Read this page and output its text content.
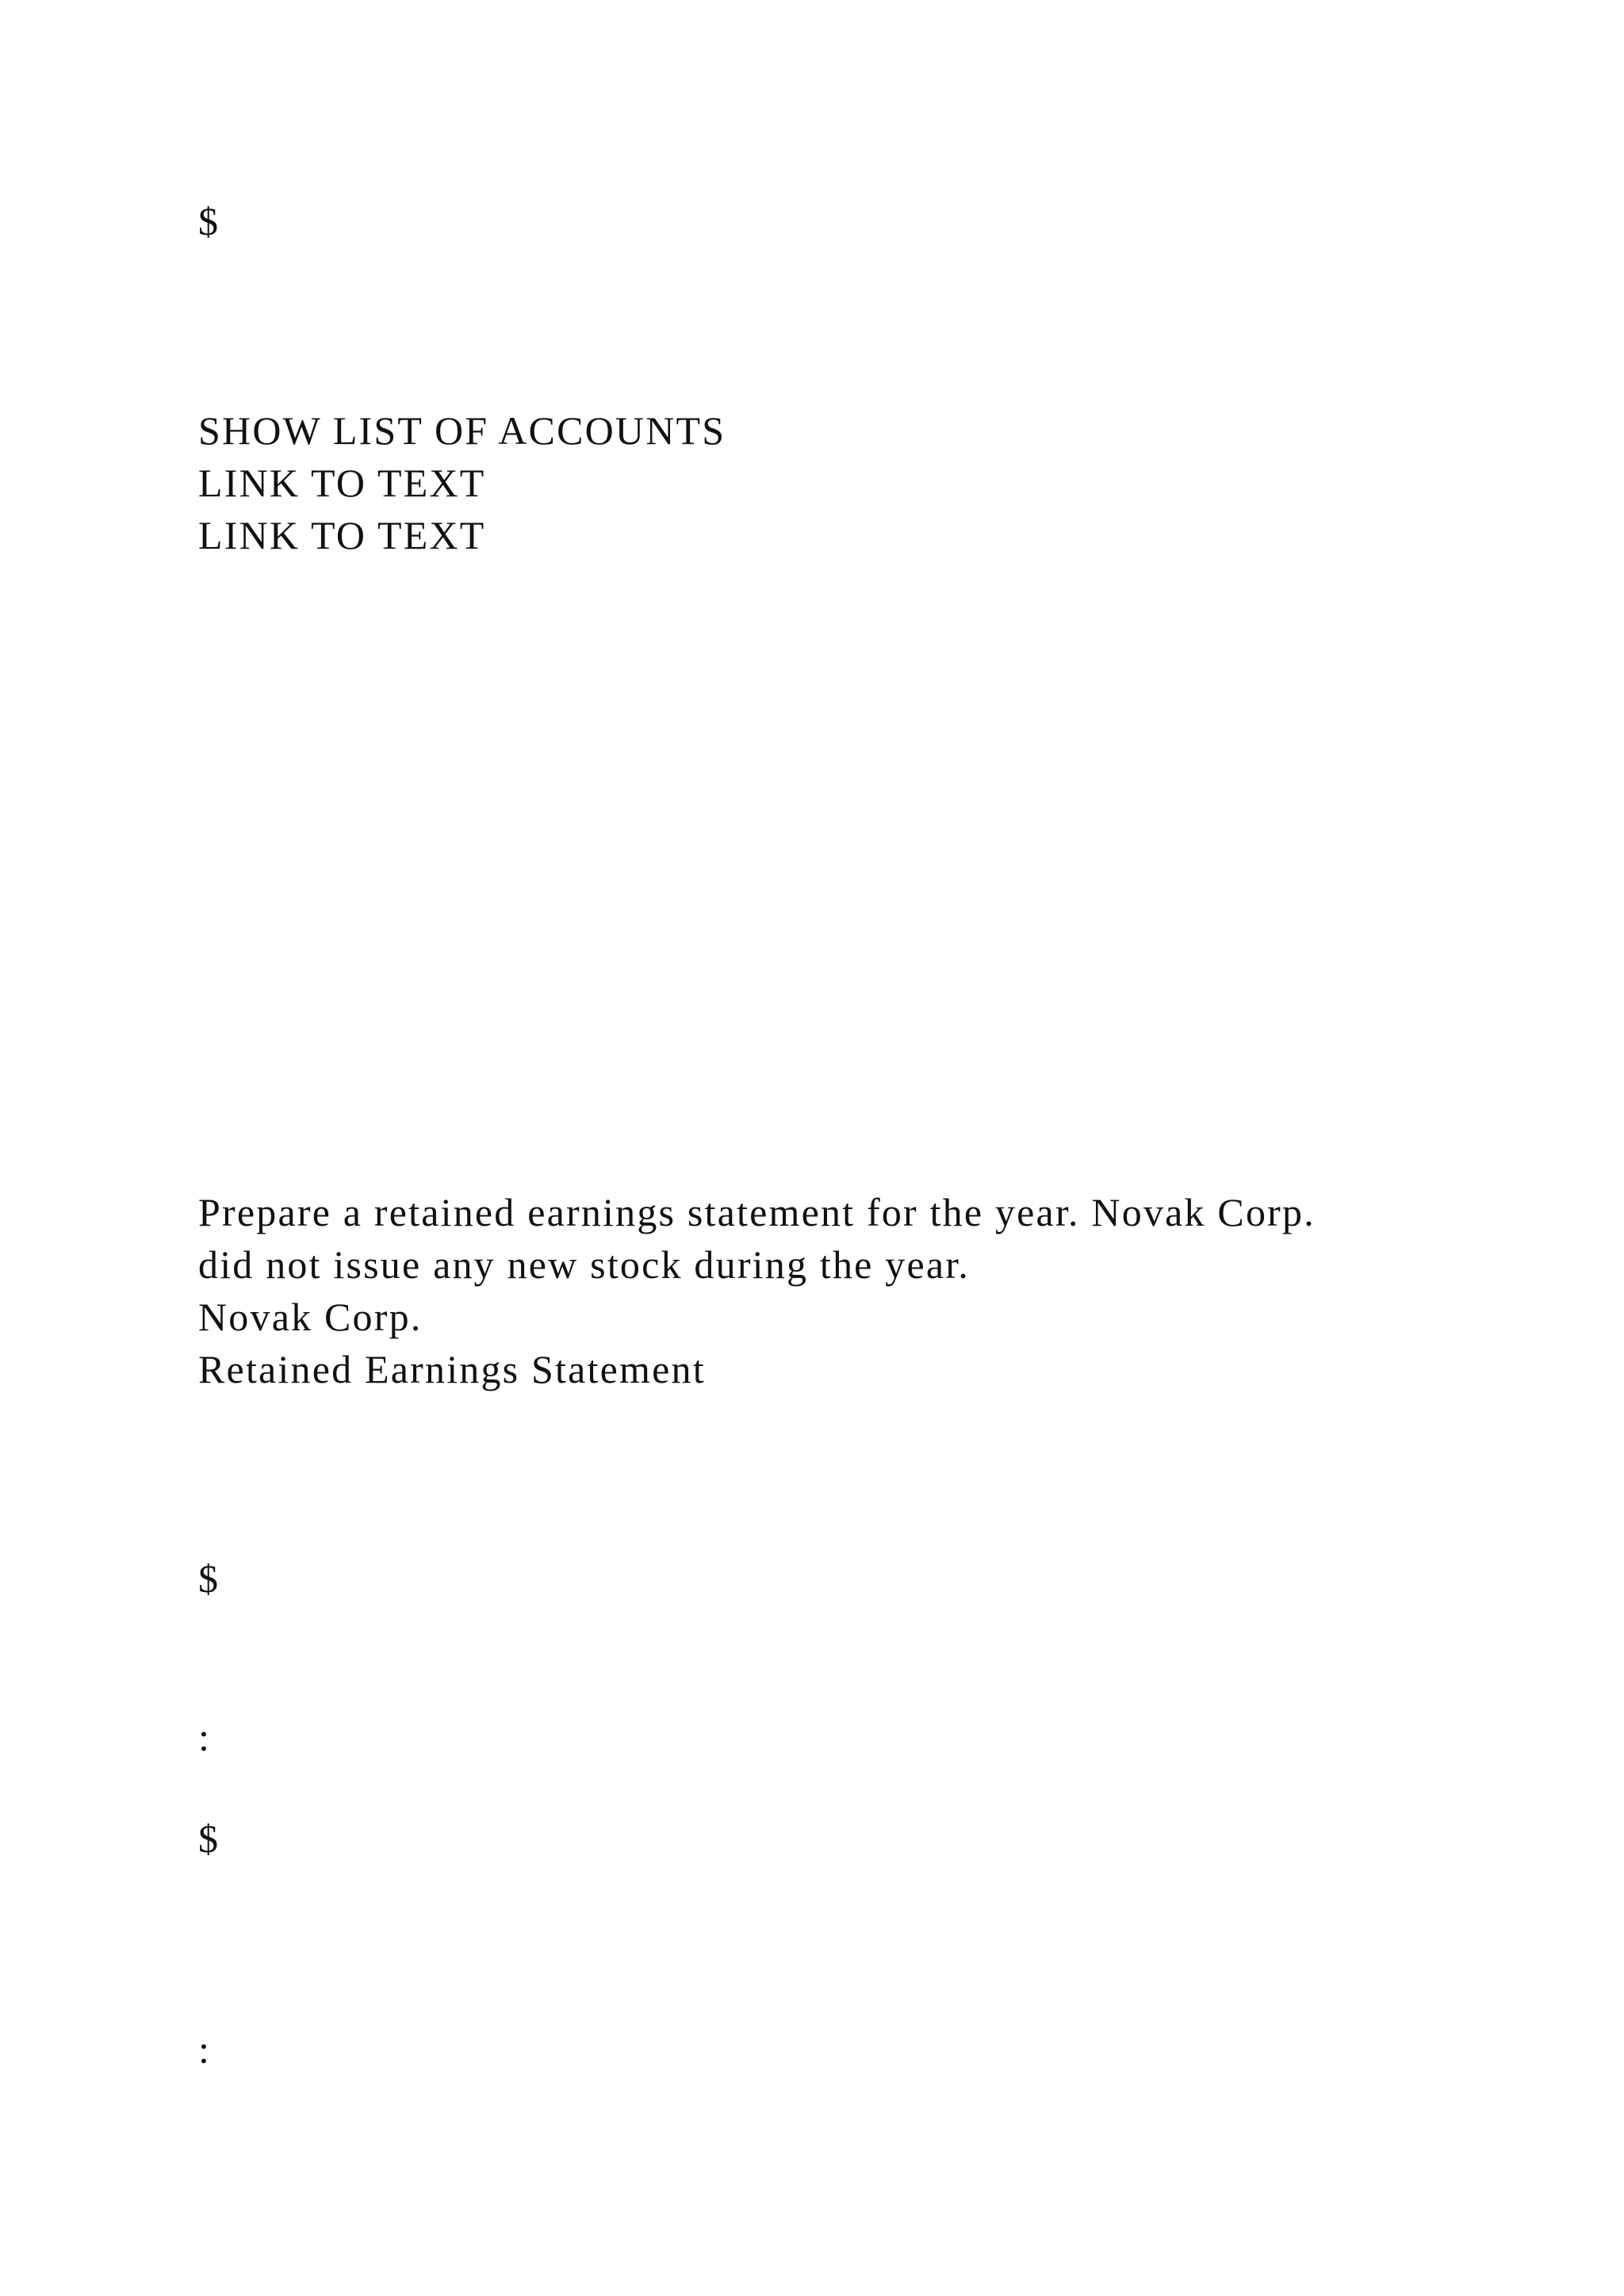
$
SHOW LIST OF ACCOUNTS
LINK TO TEXT
LINK TO TEXT
Prepare a retained earnings statement for the year. Novak Corp.
did not issue any new stock during the year.
Novak Corp.
Retained Earnings Statement
$
:
$
:
